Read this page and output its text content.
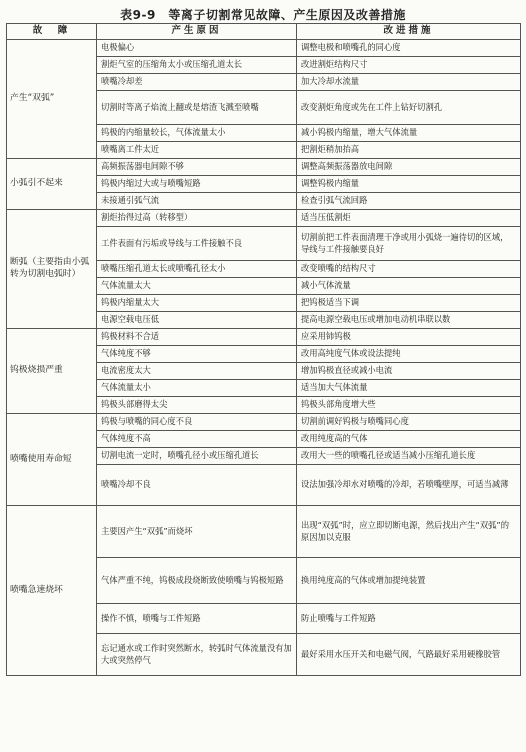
表9-9　等离子切割常见故障、产生原因及改善措施
故　障	产生原因	改进措施
产生“双弧”	电极偏心	调整电极和喷嘴孔的同心度
	割炬气室的压缩角太小或压缩孔道太长	改进割炬结构尺寸
	喷嘴冷却差	加大冷却水流量
	切割时等离子焰流上翻或是熔渣飞溅至喷嘴	改变割炬角度或先在工件上钻好切割孔
	钨极的内缩量较长，气体流量太小	减小钨极内缩量，增大气体流量
	喷嘴离工件太近	把割炬稍加抬高
小弧引不起来	高频振荡器电间隙不够	调整高频振荡器放电间隙
	钨极内缩过大或与喷嘴短路	调整钨极内缩量
	未接通引弧气流	检查引弧气流回路
断弧（主要指由小弧转为切割电弧时）	割炬抬得过高（转移型）	适当压低割炬
	工件表面有污垢或导线与工件接触不良	切割前把工件表面清理干净或用小弧烧一遍待切的区域，导线与工件接触要良好
	喷嘴压缩孔道太长或喷嘴孔径太小	改变喷嘴的结构尺寸
	气体流量太大	减小气体流量
	钨极内缩量太大	把钨极适当下调
	电源空载电压低	提高电源空载电压或增加电动机串联以数
钨极烧损严重	钨极材料不合适	应采用铈钨极
	气体纯度不够	改用高纯度气体或设法提纯
	电流密度太大	增加钨极直径或减小电流
	气体流量太小	适当加大气体流量
	钨极头部磨得太尖	钨极头部角度增大些
喷嘴使用寿命短	钨极与喷嘴的同心度不良	切割前调好钨极与喷嘴同心度
	气体纯度不高	改用纯度高的气体
	切割电流一定时，喷嘴孔径小或压缩孔道长	改用大一些的喷嘴孔径或适当减小压缩孔道长度
	喷嘴冷却不良	设法加强冷却水对喷嘴的冷却，若喷嘴壁厚，可适当减薄
喷嘴急速烧坏	主要因产生“双弧”而烧坏	出现“双弧”时，应立即切断电源，然后找出产生“双弧”的原因加以克服
	气体严重不纯，钨极成段烧断致使喷嘴与钨极短路	换用纯度高的气体或增加提纯装置
	操作不慎，喷嘴与工件短路	防止喷嘴与工件短路
	忘记通水或工作时突然断水，转弧时气体流量没有加大或突然停气	最好采用水压开关和电磁气阀，气路最好采用硬橡胶管
